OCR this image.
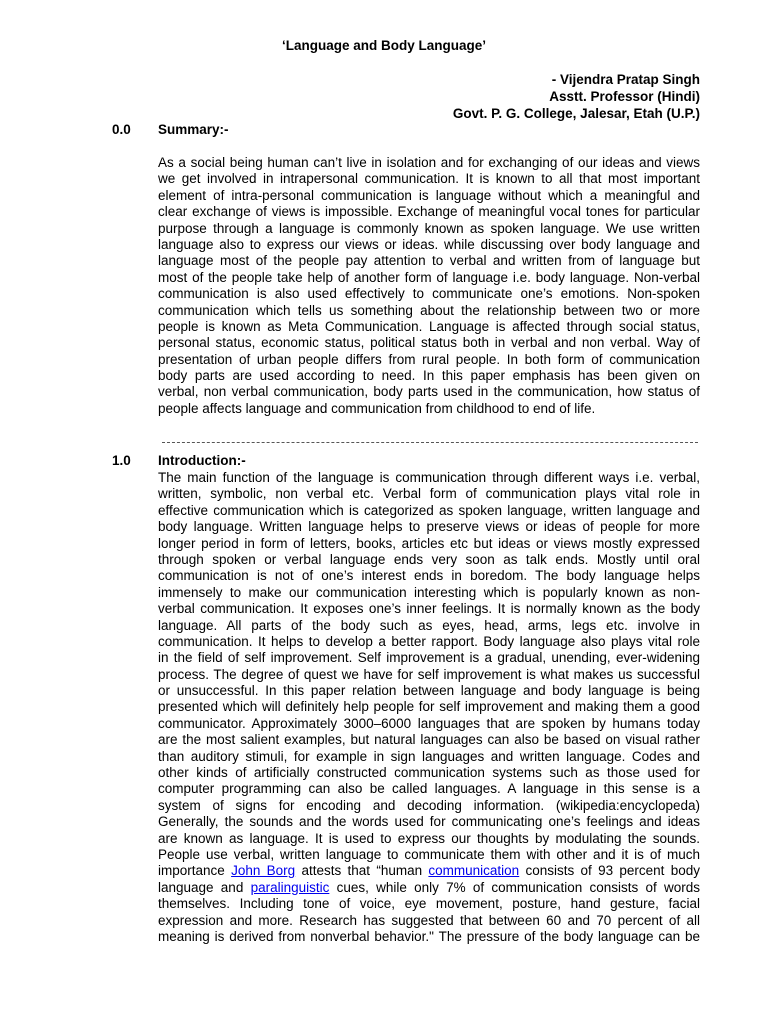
‘Language and Body Language’
- Vijendra Pratap Singh
Asstt. Professor (Hindi)
Govt. P. G. College, Jalesar, Etah (U.P.)
0.0 Summary:-
As a social being human can’t live in isolation and for exchanging of our ideas and views
we get involved in intrapersonal communication. It is known to all that most important
element of intra-personal communication is language without which a meaningful and
clear exchange of views is impossible. Exchange of meaningful vocal tones for particular
purpose through a language is commonly known as spoken language. We use written
language also to express our views or ideas. while discussing over body language and
language most of the people pay attention to verbal and written from of language but
most of the people take help of another form of language i.e. body language. Non-verbal
communication is also used effectively to communicate one’s emotions. Non-spoken
communication which tells us something about the relationship between two or more
people is known as Meta Communication. Language is affected through social status,
personal status, economic status, political status both in verbal and non verbal. Way of
presentation of urban people differs from rural people. In both form of communication
body parts are used according to need. In this paper emphasis has been given on
verbal, non verbal communication, body parts used in the communication, how status of
people affects language and communication from childhood to end of life.
1.0 Introduction:-
The main function of the language is communication through different ways i.e. verbal,
written, symbolic, non verbal etc. Verbal form of communication plays vital role in
effective communication which is categorized as spoken language, written language and
body language. Written language helps to preserve views or ideas of people for more
longer period in form of letters, books, articles etc but ideas or views mostly expressed
through spoken or verbal language ends very soon as talk ends. Mostly until oral
communication is not of one’s interest ends in boredom. The body language helps
immensely to make our communication interesting which is popularly known as non-
verbal communication. It exposes one’s inner feelings. It is normally known as the body
language. All parts of the body such as eyes, head, arms, legs etc. involve in
communication. It helps to develop a better rapport. Body language also plays vital role
in the field of self improvement. Self improvement is a gradual, unending, ever-widening
process. The degree of quest we have for self improvement is what makes us successful
or unsuccessful. In this paper relation between language and body language is being
presented which will definitely help people for self improvement and making them a good
communicator. Approximately 3000–6000 languages that are spoken by humans today
are the most salient examples, but natural languages can also be based on visual rather
than auditory stimuli, for example in sign languages and written language. Codes and
other kinds of artificially constructed communication systems such as those used for
computer programming can also be called languages. A language in this sense is a
system of signs for encoding and decoding information. (wikipedia:encyclopeda)
Generally, the sounds and the words used for communicating one’s feelings and ideas
are known as language. It is used to express our thoughts by modulating the sounds.
People use verbal, written language to communicate them with other and it is of much
importance John Borg attests that “human communication consists of 93 percent body
language and paralinguistic cues, while only 7% of communication consists of words
themselves. Including tone of voice, eye movement, posture, hand gesture, facial
expression and more. Research has suggested that between 60 and 70 percent of all
meaning is derived from nonverbal behavior." The pressure of the body language can be
